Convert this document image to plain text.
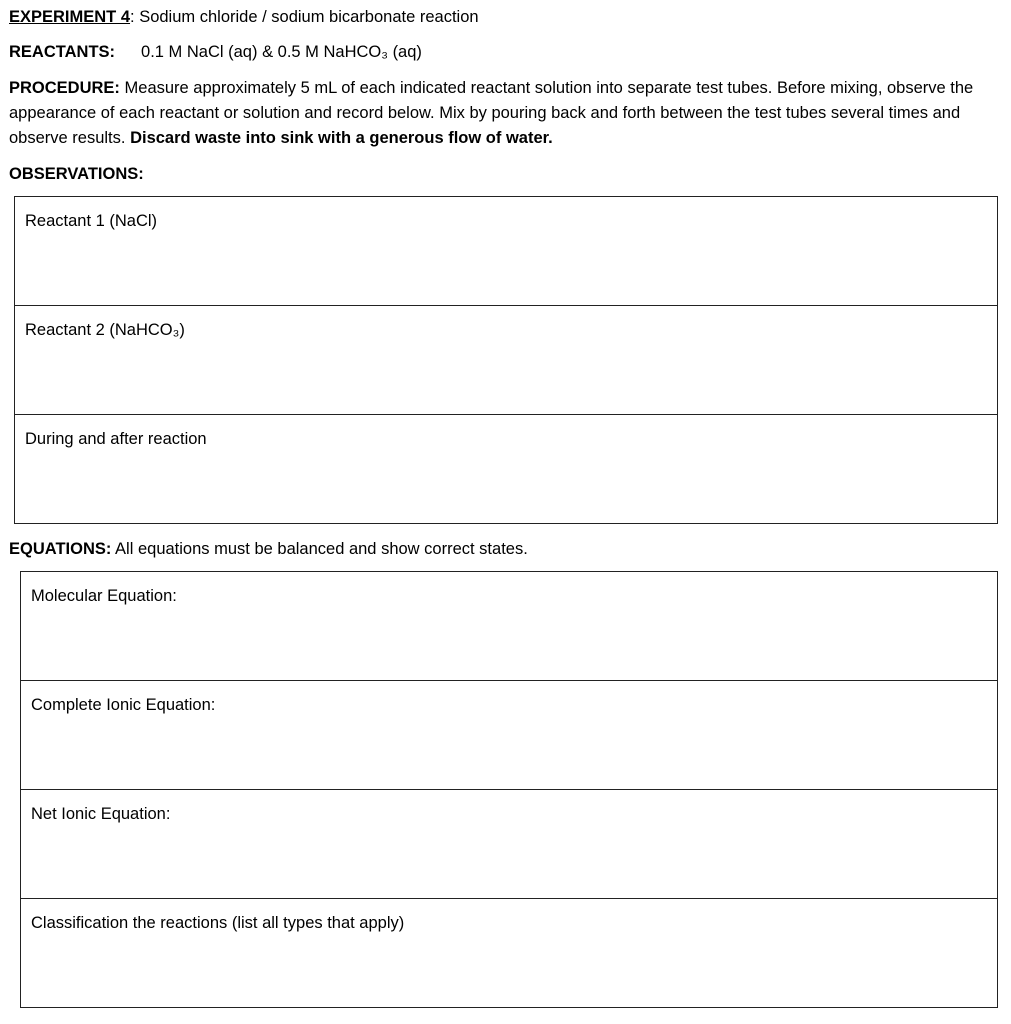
EXPERIMENT 4: Sodium chloride / sodium bicarbonate reaction
REACTANTS: 0.1 M NaCl (aq) & 0.5 M NaHCO₃ (aq)
PROCEDURE: Measure approximately 5 mL of each indicated reactant solution into separate test tubes. Before mixing, observe the appearance of each reactant or solution and record below. Mix by pouring back and forth between the test tubes several times and observe results. Discard waste into sink with a generous flow of water.
OBSERVATIONS:
Reactant 1 (NaCl)
Reactant 2 (NaHCO₃)
During and after reaction
EQUATIONS: All equations must be balanced and show correct states.
Molecular Equation:
Complete Ionic Equation:
Net Ionic Equation:
Classification the reactions (list all types that apply)
